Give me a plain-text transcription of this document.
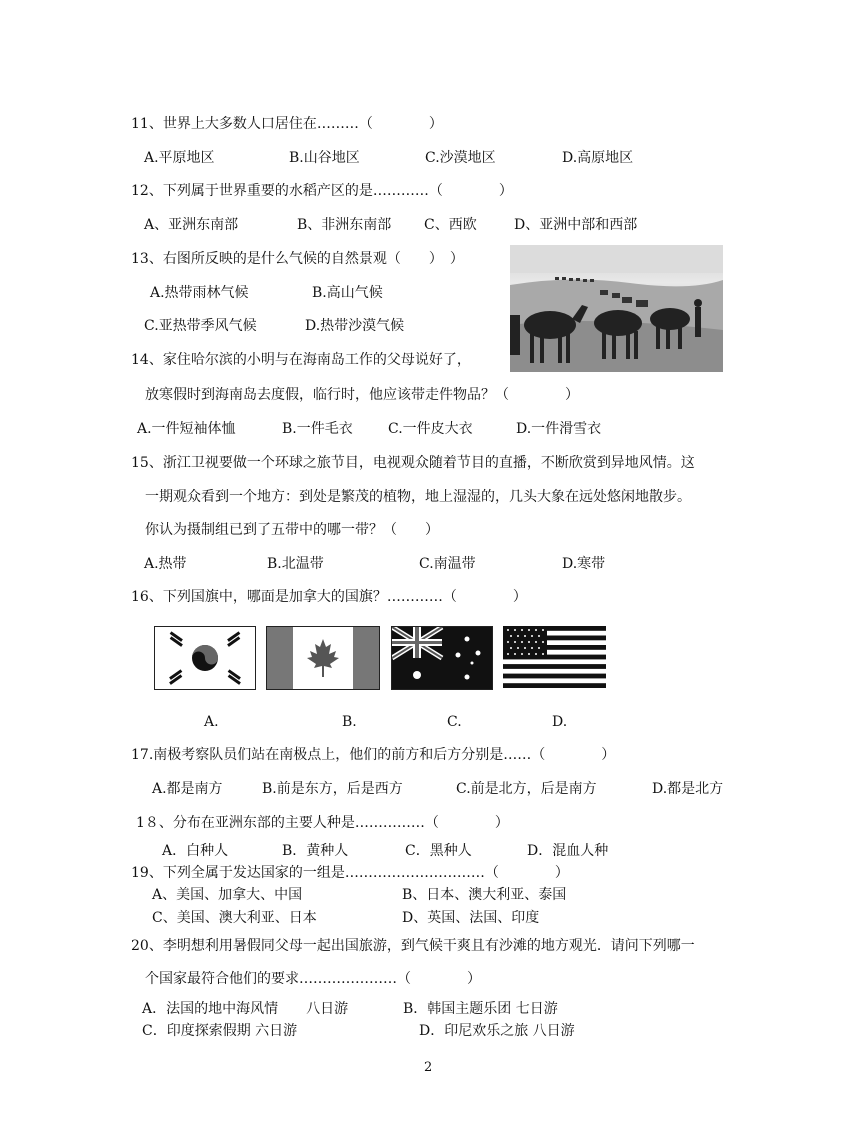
11、世界上大多数人口居住在………（　　　　）
A.平原地区	B.山谷地区	C.沙漠地区	D.高原地区
12、下列属于世界重要的水稻产区的是…………（　　　　）
A、亚洲东南部	B、非洲东南部 C、西欧	D、亚洲中部和西部
13、右图所反映的是什么气候的自然景观（　　）　）
A.热带雨林气候	B.高山气候
C.亚热带季风气候	D.热带沙漠气候
14、家住哈尔滨的小明与在海南岛工作的父母说好了，
放寒假时到海南岛去度假，临行时，他应该带走件物品？（　　　　）
A.一件短袖体恤	B.一件毛衣	C.一件皮大衣	D.一件滑雪衣
15、浙江卫视要做一个环球之旅节目，电视观众随着节目的直播，不断欣赏到异地风情。这
一期观众看到一个地方：到处是繁茂的植物，地上湿湿的，几头大象在远处悠闲地散步。
你认为摄制组已到了五带中的哪一带？（　　）
A.热带	B.北温带	C.南温带	D.寒带
16、下列国旗中，哪面是加拿大的国旗？…………（　　　　）
A.	B.	C.	D.
17.南极考察队员们站在南极点上，他们的前方和后方分别是……（　　　　）
A.都是南方	B.前是东方，后是西方	C.前是北方，后是南方	D.都是北方
1８、分布在亚洲东部的主要人种是……………（　　　　）
A．白种人	B．黄种人	C．黑种人	D．混血人种
19、下列全属于发达国家的一组是…………………………（　　　　）
A、美国、加拿大、中国	B、日本、澳大利亚、泰国
C、美国、澳大利亚、日本	D、英国、法国、印度
20、李明想利用暑假同父母一起出国旅游，到气候干爽且有沙滩的地方观光．请问下列哪一
个国家最符合他们的要求…………………（　　　　）
A．法国的地中海风情　　八日游	B．韩国主题乐团 七日游
C．印度探索假期 六日游	D．印尼欢乐之旅 八日游
2
